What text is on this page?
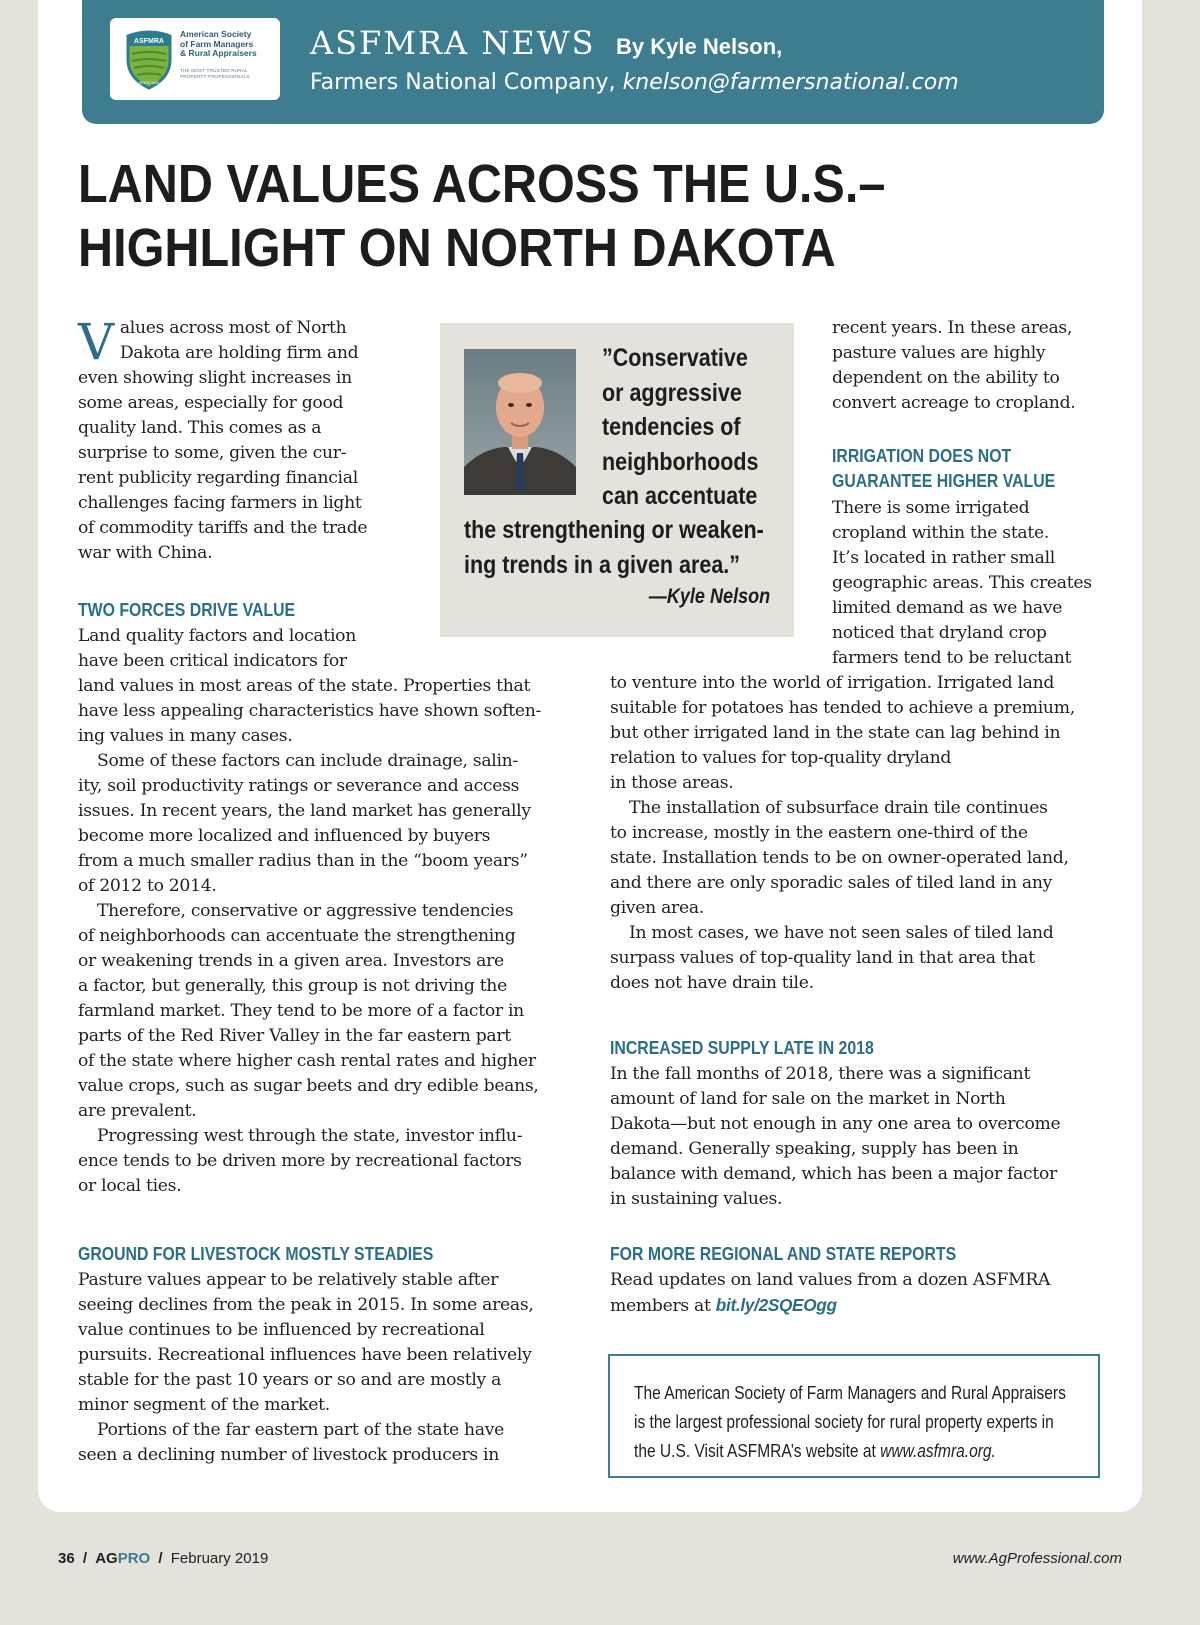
ASFMRA
SINCE 1929
American Society
of Farm Managers
& Rural Appraisers
THE MOST TRUSTED RURAL
PROPERTY PROFESSIONALS
ASFMRA NEWS By Kyle Nelson,
Farmers National Company, knelson@farmersnational.com
LAND VALUES ACROSS THE U.S.–
HIGHLIGHT ON NORTH DAKOTA
V alues across most of North
Dakota are holding firm and
even showing slight increases in
some areas, especially for good
quality land. This comes as a
surprise to some, given the cur-
rent publicity regarding financial
challenges facing farmers in light
of commodity tariffs and the trade
war with China.
TWO FORCES DRIVE VALUE
Land quality factors and location
have been critical indicators for
land values in most areas of the state. Properties that
have less appealing characteristics have shown soften-
ing values in many cases.
Some of these factors can include drainage, salin-
ity, soil productivity ratings or severance and access
issues. In recent years, the land market has generally
become more localized and influenced by buyers
from a much smaller radius than in the “boom years”
of 2012 to 2014.
Therefore, conservative or aggressive tendencies
of neighborhoods can accentuate the strengthening
or weakening trends in a given area. Investors are
a factor, but generally, this group is not driving the
farmland market. They tend to be more of a factor in
parts of the Red River Valley in the far eastern part
of the state where higher cash rental rates and higher
value crops, such as sugar beets and dry edible beans,
are prevalent.
Progressing west through the state, investor influ-
ence tends to be driven more by recreational factors
or local ties.
GROUND FOR LIVESTOCK MOSTLY STEADIES
Pasture values appear to be relatively stable after
seeing declines from the peak in 2015. In some areas,
value continues to be influenced by recreational
pursuits. Recreational influences have been relatively
stable for the past 10 years or so and are mostly a
minor segment of the market.
Portions of the far eastern part of the state have
seen a declining number of livestock producers in
”Conservative
or aggressive
tendencies of
neighborhoods
can accentuate
the strengthening or weaken-
ing trends in a given area.”
—Kyle Nelson
recent years. In these areas,
pasture values are highly
dependent on the ability to
convert acreage to cropland.
IRRIGATION DOES NOT
GUARANTEE HIGHER VALUE
There is some irrigated
cropland within the state.
It’s located in rather small
geographic areas. This creates
limited demand as we have
noticed that dryland crop
farmers tend to be reluctant
to venture into the world of irrigation. Irrigated land
suitable for potatoes has tended to achieve a premium,
but other irrigated land in the state can lag behind in
relation to values for top-quality dryland
in those areas.
The installation of subsurface drain tile continues
to increase, mostly in the eastern one-third of the
state. Installation tends to be on owner-operated land,
and there are only sporadic sales of tiled land in any
given area.
In most cases, we have not seen sales of tiled land
surpass values of top-quality land in that area that
does not have drain tile.
INCREASED SUPPLY LATE IN 2018
In the fall months of 2018, there was a significant
amount of land for sale on the market in North
Dakota—but not enough in any one area to overcome
demand. Generally speaking, supply has been in
balance with demand, which has been a major factor
in sustaining values.
FOR MORE REGIONAL AND STATE REPORTS
Read updates on land values from a dozen ASFMRA
members at bit.ly/2SQEOgg

The American Society of Farm Managers and Rural Appraisers

is the largest professional society for rural property experts in

the U.S. Visit ASFMRA’s website at www.asfmra.org.

36 / AGPRO / February 2019	www.AgProfessional.com
